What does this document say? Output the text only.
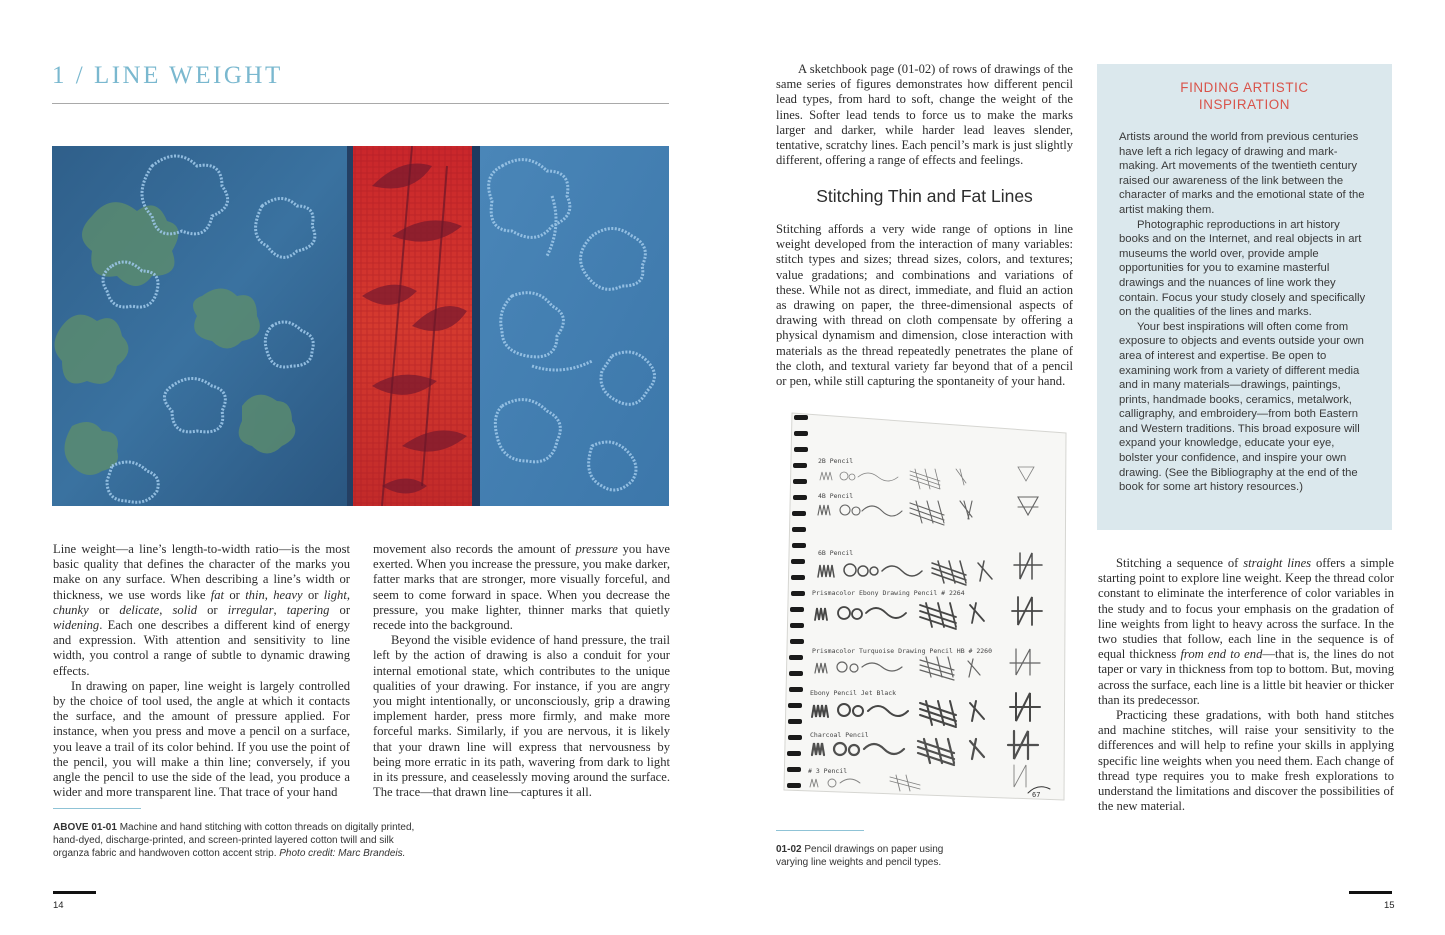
1 / LINE WEIGHT

Line weight—a line’s length-to-width ratio—is the most basic quality that defines the character of the marks you make on any surface. When describing a line’s width or thickness, we use words like fat or thin, heavy or light, chunky or delicate, solid or irregular, tapering or widening. Each one describes a different kind of energy and expression. With attention and sensitivity to line width, you control a range of subtle to dynamic drawing effects.

In drawing on paper, line weight is largely controlled by the choice of tool used, the angle at which it contacts the surface, and the amount of pressure applied. For instance, when you press and move a pencil on a surface, you leave a trail of its color behind. If you use the point of the pencil, you will make a thin line; conversely, if you angle the pencil to use the side of the lead, you produce a wider and more transparent line. That trace of your hand

ABOVE 01-01 Machine and hand stitching with cotton threads on digitally printed, hand-dyed, discharge-printed, and screen-printed layered cotton twill and silk organza fabric and handwoven cotton accent strip. Photo credit: Marc Brandeis.
14
A sketchbook page (01-02) of rows of drawings of the same series of figures demonstrates how different pencil lead types, from hard to soft, change the weight of the lines. Softer lead tends to force us to make the marks larger and darker, while harder lead leaves slender, tentative, scratchy lines. Each pencil’s mark is just slightly different, offering a range of effects and feelings.
Stitching Thin and Fat Lines
Stitching affords a very wide range of options in line weight developed from the interaction of many variables: stitch types and sizes; thread sizes, colors, and textures; value gradations; and combinations and variations of these. While not as direct, immediate, and fluid an action as drawing on paper, the three-dimensional aspects of drawing with thread on cloth compensate by offering a physical dynamism and dimension, close interaction with materials as the thread repeatedly penetrates the plane of the cloth, and textural variety far beyond that of a pencil or pen, while still capturing the spontaneity of your hand.
2B Pencil
4B Pencil
6B Pencil
Prismacolor Ebony Drawing Pencil # 2264
Prismacolor Turquoise Drawing Pencil HB # 2260
Ebony Pencil Jet Black
Charcoal Pencil
# 3 Pencil
67
01-02 Pencil drawings on paper using varying line weights and pencil types.
FINDING ARTISTIC
INSPIRATION

Artists around the world from previous centuries have left a rich legacy of drawing and mark-making. Art movements of the twentieth century raised our awareness of the link between the character of marks and the emotional state of the artist making them.

Photographic reproductions in art history books and on the Internet, and real objects in art museums the world over, provide ample opportunities for you to examine masterful drawings and the nuances of line work they contain. Focus your study closely and specifically on the qualities of the lines and marks.

Your best inspirations will often come from exposure to objects and events outside your own area of interest and expertise. Be open to examining work from a variety of different media and in many materials—drawings, paintings, prints, handmade books, ceramics, metalwork, calligraphy, and embroidery—from both Eastern and Western traditions. This broad exposure will expand your knowledge, educate your eye, bolster your confidence, and inspire your own drawing. (See the Bibliography at the end of the book for some art history resources.)

Stitching a sequence of straight lines offers a simple starting point to explore line weight. Keep the thread color constant to eliminate the interference of color variables in the study and to focus your emphasis on the gradation of line weights from light to heavy across the surface. In the two studies that follow, each line in the sequence is of equal thickness from end to end—that is, the lines do not taper or vary in thickness from top to bottom. But, moving across the surface, each line is a little bit heavier or thicker than its predecessor.

Practicing these gradations, with both hand stitches and machine stitches, will raise your sensitivity to the differences and will help to refine your skills in applying specific line weights when you need them. Each change of thread type requires you to make fresh explorations to understand the limitations and discover the possibilities of the new material.

15

movement also records the amount of pressure you have exerted. When you increase the pressure, you make darker, fatter marks that are stronger, more visually forceful, and seem to come forward in space. When you decrease the pressure, you make lighter, thinner marks that quietly recede into the background.

Beyond the visible evidence of hand pressure, the trail left by the action of drawing is also a conduit for your internal emotional state, which contributes to the unique qualities of your drawing. For instance, if you are angry you might intentionally, or unconsciously, grip a drawing implement harder, press more firmly, and make more forceful marks. Similarly, if you are nervous, it is likely that your drawn line will express that nervousness by being more erratic in its path, wavering from dark to light in its pressure, and ceaselessly moving around the surface. The trace—that drawn line—captures it all.
